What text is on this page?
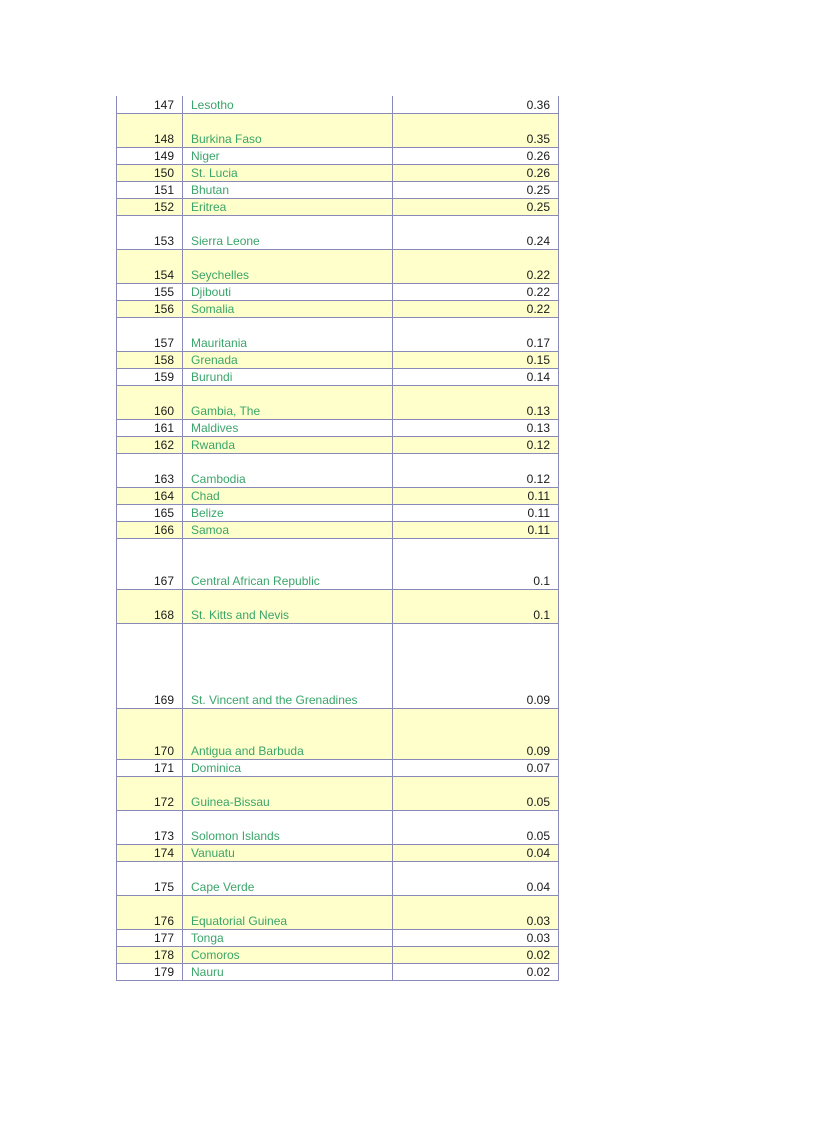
147	Lesotho	0.36
148	Burkina Faso	0.35
149	Niger	0.26
150	St. Lucia	0.26
151	Bhutan	0.25
152	Eritrea	0.25
153	Sierra Leone	0.24
154	Seychelles	0.22
155	Djibouti	0.22
156	Somalia	0.22
157	Mauritania	0.17
158	Grenada	0.15
159	Burundi	0.14
160	Gambia, The	0.13
161	Maldives	0.13
162	Rwanda	0.12
163	Cambodia	0.12
164	Chad	0.11
165	Belize	0.11
166	Samoa	0.11
167	Central African Republic	0.1
168	St. Kitts and Nevis	0.1
169	St. Vincent and the Grenadines	0.09
170	Antigua and Barbuda	0.09
171	Dominica	0.07
172	Guinea-Bissau	0.05
173	Solomon Islands	0.05
174	Vanuatu	0.04
175	Cape Verde	0.04
176	Equatorial Guinea	0.03
177	Tonga	0.03
178	Comoros	0.02
179	Nauru	0.02
